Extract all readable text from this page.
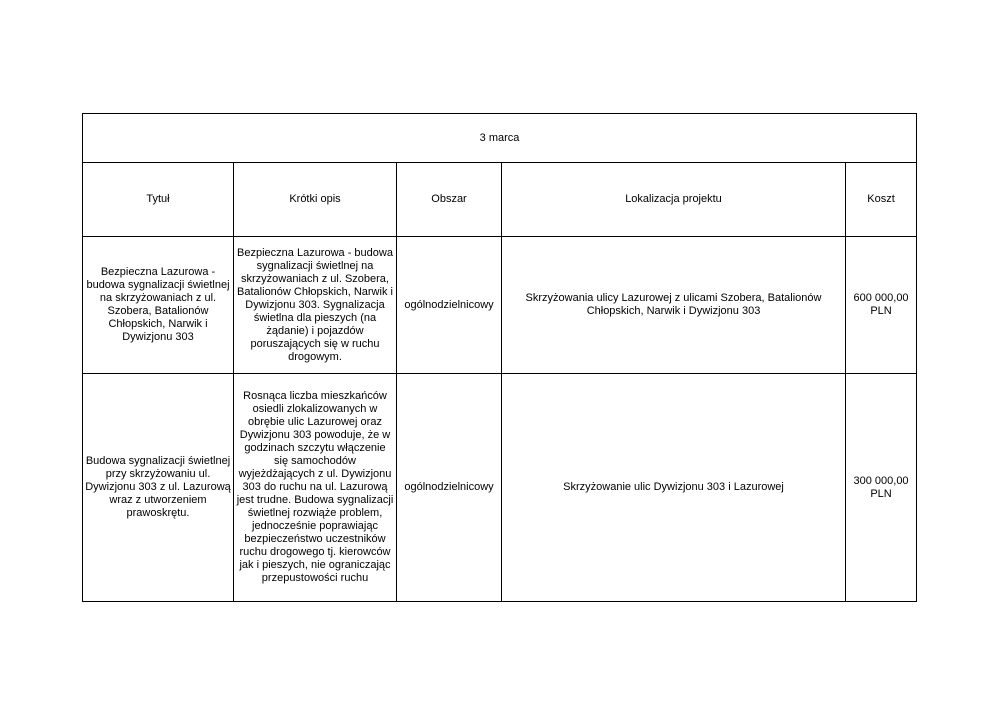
3 marca				
Tytuł	Krótki opis	Obszar	Lokalizacja projektu	Koszt
Bezpieczna Lazurowa - budowa sygnalizacji świetlnej na skrzyżowaniach z ul. Szobera, Batalionów Chłopskich, Narwik i Dywizjonu 303	Bezpieczna Lazurowa - budowa sygnalizacji świetlnej na skrzyżowaniach z ul. Szobera, Batalionów Chłopskich, Narwik i Dywizjonu 303. Sygnalizacja świetlna dla pieszych (na żądanie) i pojazdów poruszających się w ruchu drogowym.	ogólnodzielnicowy	Skrzyżowania ulicy Lazurowej z ulicami Szobera, Batalionów Chłopskich, Narwik i Dywizjonu 303	600 000,00 PLN
Budowa sygnalizacji świetlnej przy skrzyżowaniu ul. Dywizjonu 303 z ul. Lazurową wraz z utworzeniem prawoskrętu.	Rosnąca liczba mieszkańców osiedli zlokalizowanych w obrębie ulic Lazurowej oraz Dywizjonu 303 powoduje, że w godzinach szczytu włączenie się samochodów wyjeżdżających z ul. Dywizjonu 303 do ruchu na ul. Lazurową jest trudne. Budowa sygnalizacji świetlnej rozwiąże problem, jednocześnie poprawiając bezpieczeństwo uczestników ruchu drogowego tj. kierowców jak i pieszych, nie ograniczając przepustowości ruchu	ogólnodzielnicowy	Skrzyżowanie ulic Dywizjonu 303 i Lazurowej	300 000,00 PLN
